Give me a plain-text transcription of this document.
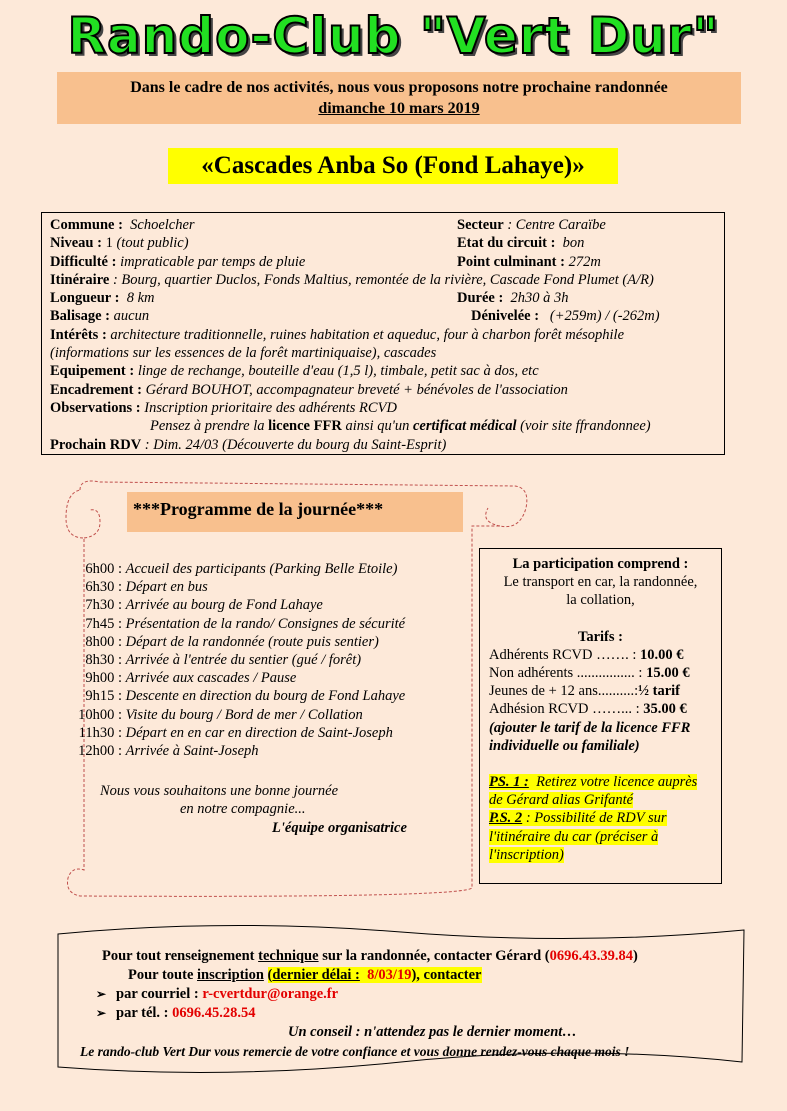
Rando-Club "Vert Dur"
Dans le cadre de nos activités, nous vous proposons notre prochaine randonnée
dimanche 10 mars 2019
«Cascades Anba So (Fond Lahaye)»
Commune : Schoelcher	Secteur : Centre Caraïbe
Niveau : 1 (tout public)	Etat du circuit : bon
Difficulté : impraticable par temps de pluie	Point culminant : 272m
Itinéraire : Bourg, quartier Duclos, Fonds Maltius, remontée de la rivière, Cascade Fond Plumet (A/R)
Longueur : 8 km	Durée : 2h30 à 3h
Balisage : aucun	Dénivelée : (+259m) / (-262m)
Intérêts : architecture traditionnelle, ruines habitation et aqueduc, four à charbon forêt mésophile
(informations sur les essences de la forêt martiniquaise), cascades
Equipement : linge de rechange, bouteille d'eau (1,5 l), timbale, petit sac à dos, etc
Encadrement : Gérard BOUHOT, accompagnateur breveté + bénévoles de l'association
Observations : Inscription prioritaire des adhérents RCVD
Pensez à prendre la licence FFR ainsi qu'un certificat médical (voir site ffrandonnee)
Prochain RDV : Dim. 24/03 (Découverte du bourg du Saint-Esprit)
***Programme de la journée***
6h00 :
Accueil des participants (Parking Belle Etoile)
6h30 :
Départ en bus
7h30 :
Arrivée au bourg de Fond Lahaye
7h45 :
Présentation de la rando/ Consignes de sécurité
8h00 :
Départ de la randonnée (route puis sentier)
8h30 :
Arrivée à l'entrée du sentier (gué / forêt)
9h00 :
Arrivée aux cascades / Pause
9h15 :
Descente en direction du bourg de Fond Lahaye
10h00 :
Visite du bourg / Bord de mer / Collation
11h30 :
Départ en en car en direction de Saint-Joseph
12h00 :
Arrivée à Saint-Joseph
Nous vous souhaitons une bonne journée
en notre compagnie...
L'équipe organisatrice
La participation comprend :
Le transport en car, la randonnée,
la collation,
Tarifs :
Adhérents RCVD ……. : 10.00 €
Non adhérents ................ : 15.00 €
Jeunes de + 12 ans..........:½ tarif
Adhésion RCVD ……... : 35.00 €
(ajouter le tarif de la licence FFR individuelle ou familiale)
PS. 1 : Retirez votre licence auprès de Gérard alias Grifanté
P.S. 2 : Possibilité de RDV sur l'itinéraire du car (préciser à l'inscription)
Pour tout renseignement technique sur la randonnée, contacter Gérard (0696.43.39.84)
Pour toute inscription (dernier délai : 8/03/19), contacter
➢ par courriel : r-cvertdur@orange.fr
➢ par tél. : 0696.45.28.54
Un conseil : n'attendez pas le dernier moment…
Le rando-club Vert Dur vous remercie de votre confiance et vous donne rendez-vous chaque mois !
